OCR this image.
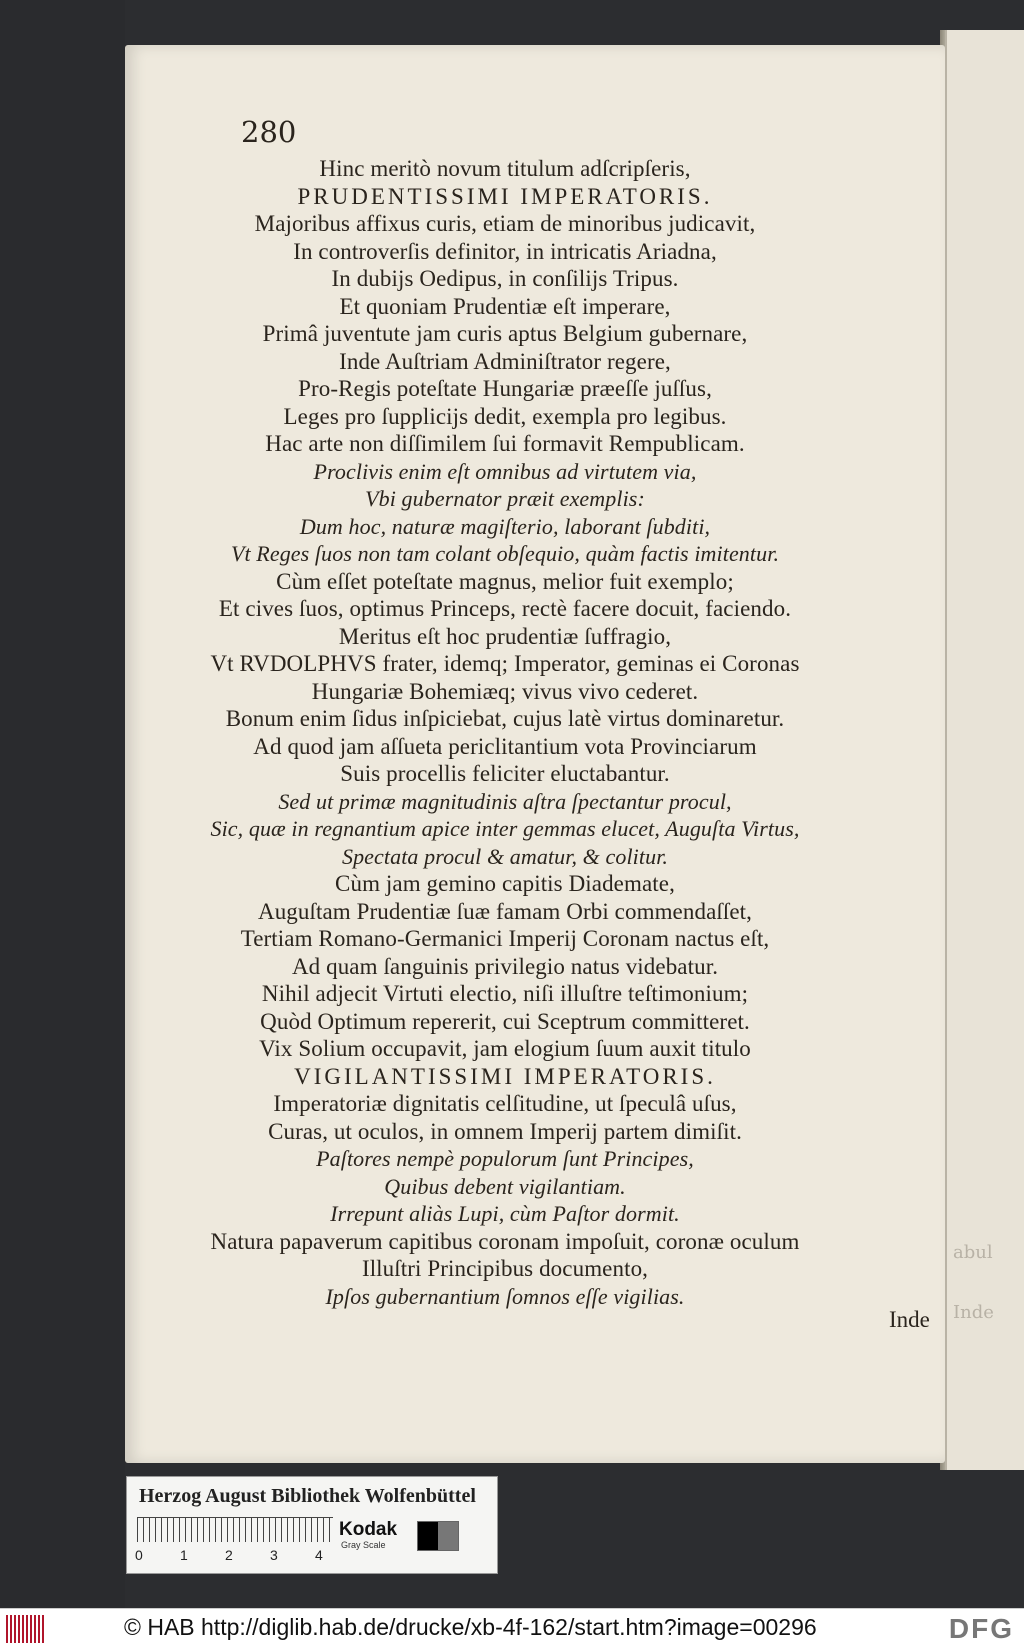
abul
Inde
280
Hinc meritò novum titulum adſcripſeris,
PRUDENTISSIMI IMPERATORIS.
Majoribus affixus curis, etiam de minoribus judicavit,
In controverſis definitor, in intricatis Ariadna,
In dubijs Oedipus, in conſilijs Tripus.
Et quoniam Prudentiæ eſt imperare,
Primâ juventute jam curis aptus Belgium gubernare,
Inde Auſtriam Adminiſtrator regere,
Pro-Regis poteſtate Hungariæ præeſſe juſſus,
Leges pro ſupplicijs dedit, exempla pro legibus.
Hac arte non diſſimilem ſui formavit Rempublicam.
Proclivis enim eſt omnibus ad virtutem via,
Vbi gubernator præit exemplis:
Dum hoc, naturæ magiſterio, laborant ſubditi,
Vt Reges ſuos non tam colant obſequio, quàm factis imitentur.
Cùm eſſet poteſtate magnus, melior fuit exemplo;
Et cives ſuos, optimus Princeps, rectè facere docuit, faciendo.
Meritus eſt hoc prudentiæ ſuffragio,
Vt RVDOLPHVS frater, idemq; Imperator, geminas ei Coronas
Hungariæ Bohemiæq; vivus vivo cederet.
Bonum enim ſidus inſpiciebat, cujus latè virtus dominaretur.
Ad quod jam aſſueta periclitantium vota Provinciarum
Suis procellis feliciter eluctabantur.
Sed ut primæ magnitudinis aſtra ſpectantur procul,
Sic, quæ in regnantium apice inter gemmas elucet, Auguſta Virtus,
Spectata procul & amatur, & colitur.
Cùm jam gemino capitis Diademate,
Auguſtam Prudentiæ ſuæ famam Orbi commendaſſet,
Tertiam Romano-Germanici Imperij Coronam nactus eſt,
Ad quam ſanguinis privilegio natus videbatur.
Nihil adjecit Virtuti electio, niſi illuſtre teſtimonium;
Quòd Optimum repererit, cui Sceptrum committeret.
Vix Solium occupavit, jam elogium ſuum auxit titulo
VIGILANTISSIMI IMPERATORIS.
Imperatoriæ dignitatis celſitudine, ut ſpeculâ uſus,
Curas, ut oculos, in omnem Imperij partem dimiſit.
Paſtores nempè populorum ſunt Principes,
Quibus debent vigilantiam.
Irrepunt aliàs Lupi, cùm Paſtor dormit.
Natura papaverum capitibus coronam impoſuit, coronæ oculum
Illuſtri Principibus documento,
Ipſos gubernantium ſomnos eſſe vigilias.
Inde
Herzog August Bibliothek Wolfenbüttel
0	1	2	3	4
Kodak
Gray Scale
© HAB http://diglib.hab.de/drucke/xb-4f-162/start.htm?image=00296	DFG
